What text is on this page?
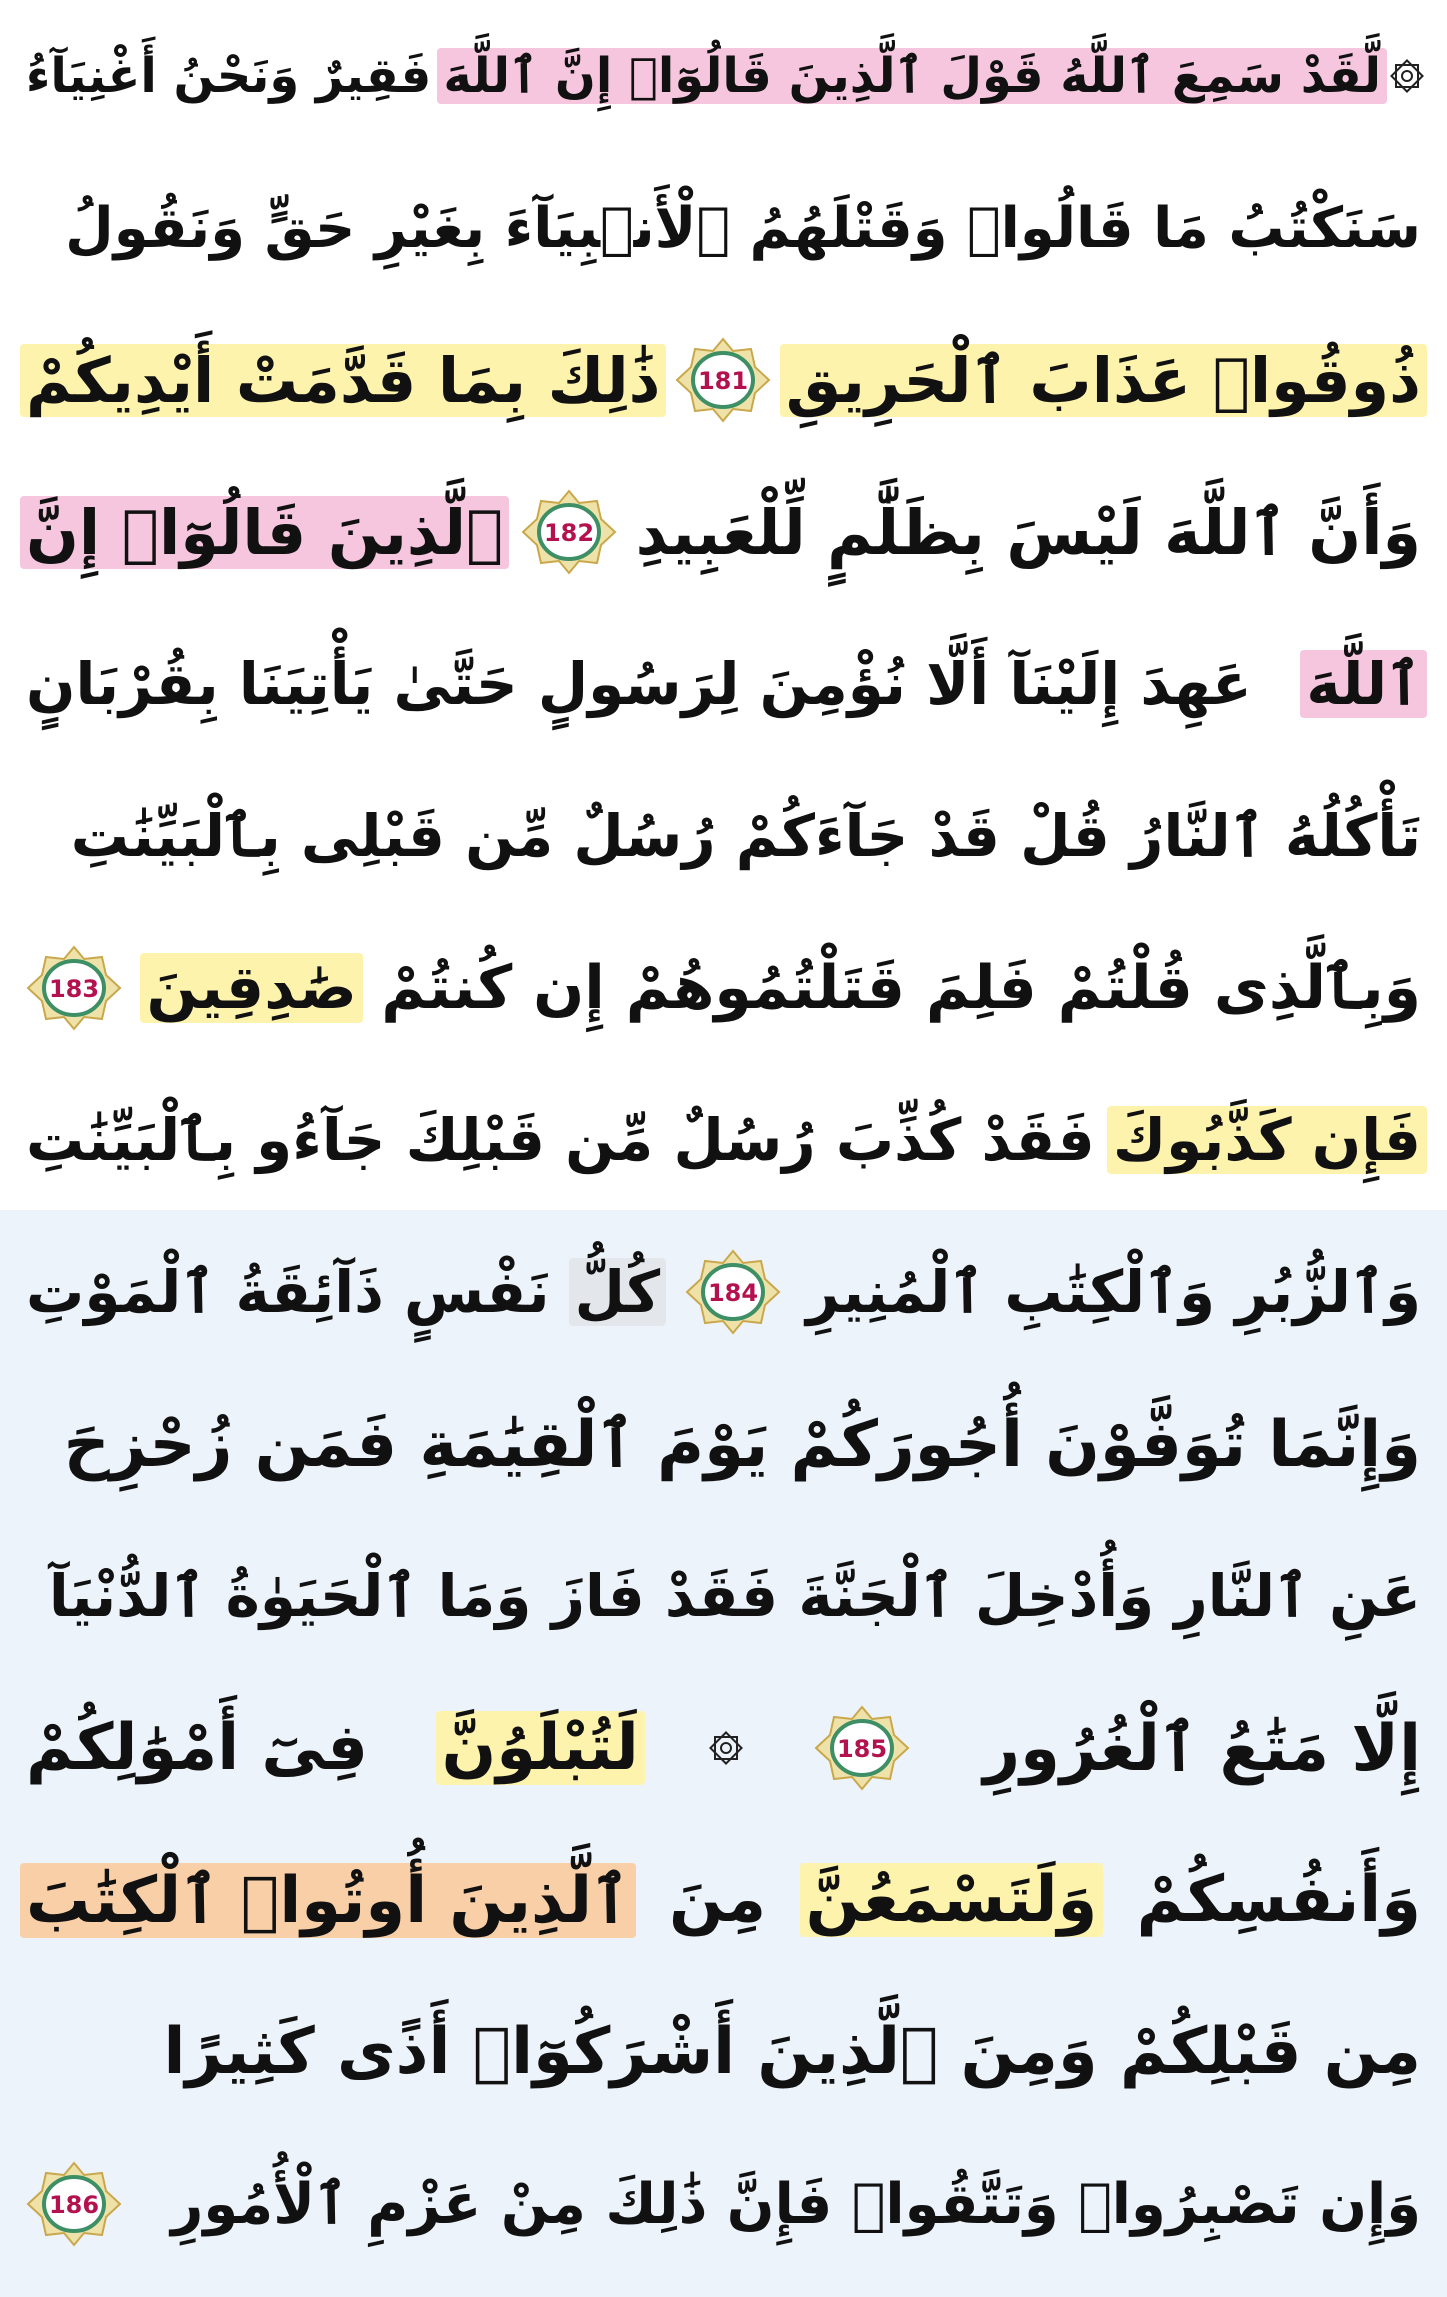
لَّقَدْ سَمِعَ ٱللَّهُ قَوْلَ ٱلَّذِينَ قَالُوٓا۟ إِنَّ ٱللَّهَ
فَقِيرٌ وَنَحْنُ أَغْنِيَآءُ
سَنَكْتُبُ مَا قَالُوا۟ وَقَتْلَهُمُ ٱلْأَنۢبِيَآءَ بِغَيْرِ حَقٍّ وَنَقُولُ
ذُوقُوا۟ عَذَابَ ٱلْحَرِيقِ
181
ذَٰلِكَ بِمَا قَدَّمَتْ أَيْدِيكُمْ
وَأَنَّ ٱللَّهَ لَيْسَ بِظَلَّٰمٍ لِّلْعَبِيدِ
182
ٱلَّذِينَ قَالُوٓا۟ إِنَّ
ٱللَّهَ
عَهِدَ إِلَيْنَآ أَلَّا نُؤْمِنَ لِرَسُولٍ حَتَّىٰ يَأْتِيَنَا بِقُرْبَانٍ
تَأْكُلُهُ ٱلنَّارُ قُلْ قَدْ جَآءَكُمْ رُسُلٌ مِّن قَبْلِى بِٱلْبَيِّنَٰتِ
وَبِٱلَّذِى قُلْتُمْ فَلِمَ قَتَلْتُمُوهُمْ إِن كُنتُمْ
صَٰدِقِينَ
183
فَإِن كَذَّبُوكَ
فَقَدْ كُذِّبَ رُسُلٌ مِّن قَبْلِكَ جَآءُو بِٱلْبَيِّنَٰتِ
وَٱلزُّبُرِ وَٱلْكِتَٰبِ ٱلْمُنِيرِ
184
كُلُّ
نَفْسٍ ذَآئِقَةُ ٱلْمَوْتِ
وَإِنَّمَا تُوَفَّوْنَ أُجُورَكُمْ يَوْمَ ٱلْقِيَٰمَةِ فَمَن زُحْزِحَ
عَنِ ٱلنَّارِ وَأُدْخِلَ ٱلْجَنَّةَ فَقَدْ فَازَ وَمَا ٱلْحَيَوٰةُ ٱلدُّنْيَآ
إِلَّا مَتَٰعُ ٱلْغُرُورِ
185
لَتُبْلَوُنَّ
فِىٓ أَمْوَٰلِكُمْ
وَأَنفُسِكُمْ
وَلَتَسْمَعُنَّ
مِنَ
ٱلَّذِينَ أُوتُوا۟ ٱلْكِتَٰبَ
مِن قَبْلِكُمْ وَمِنَ ٱلَّذِينَ أَشْرَكُوٓا۟ أَذًى كَثِيرًا
وَإِن تَصْبِرُوا۟ وَتَتَّقُوا۟ فَإِنَّ ذَٰلِكَ مِنْ عَزْمِ ٱلْأُمُورِ
186
